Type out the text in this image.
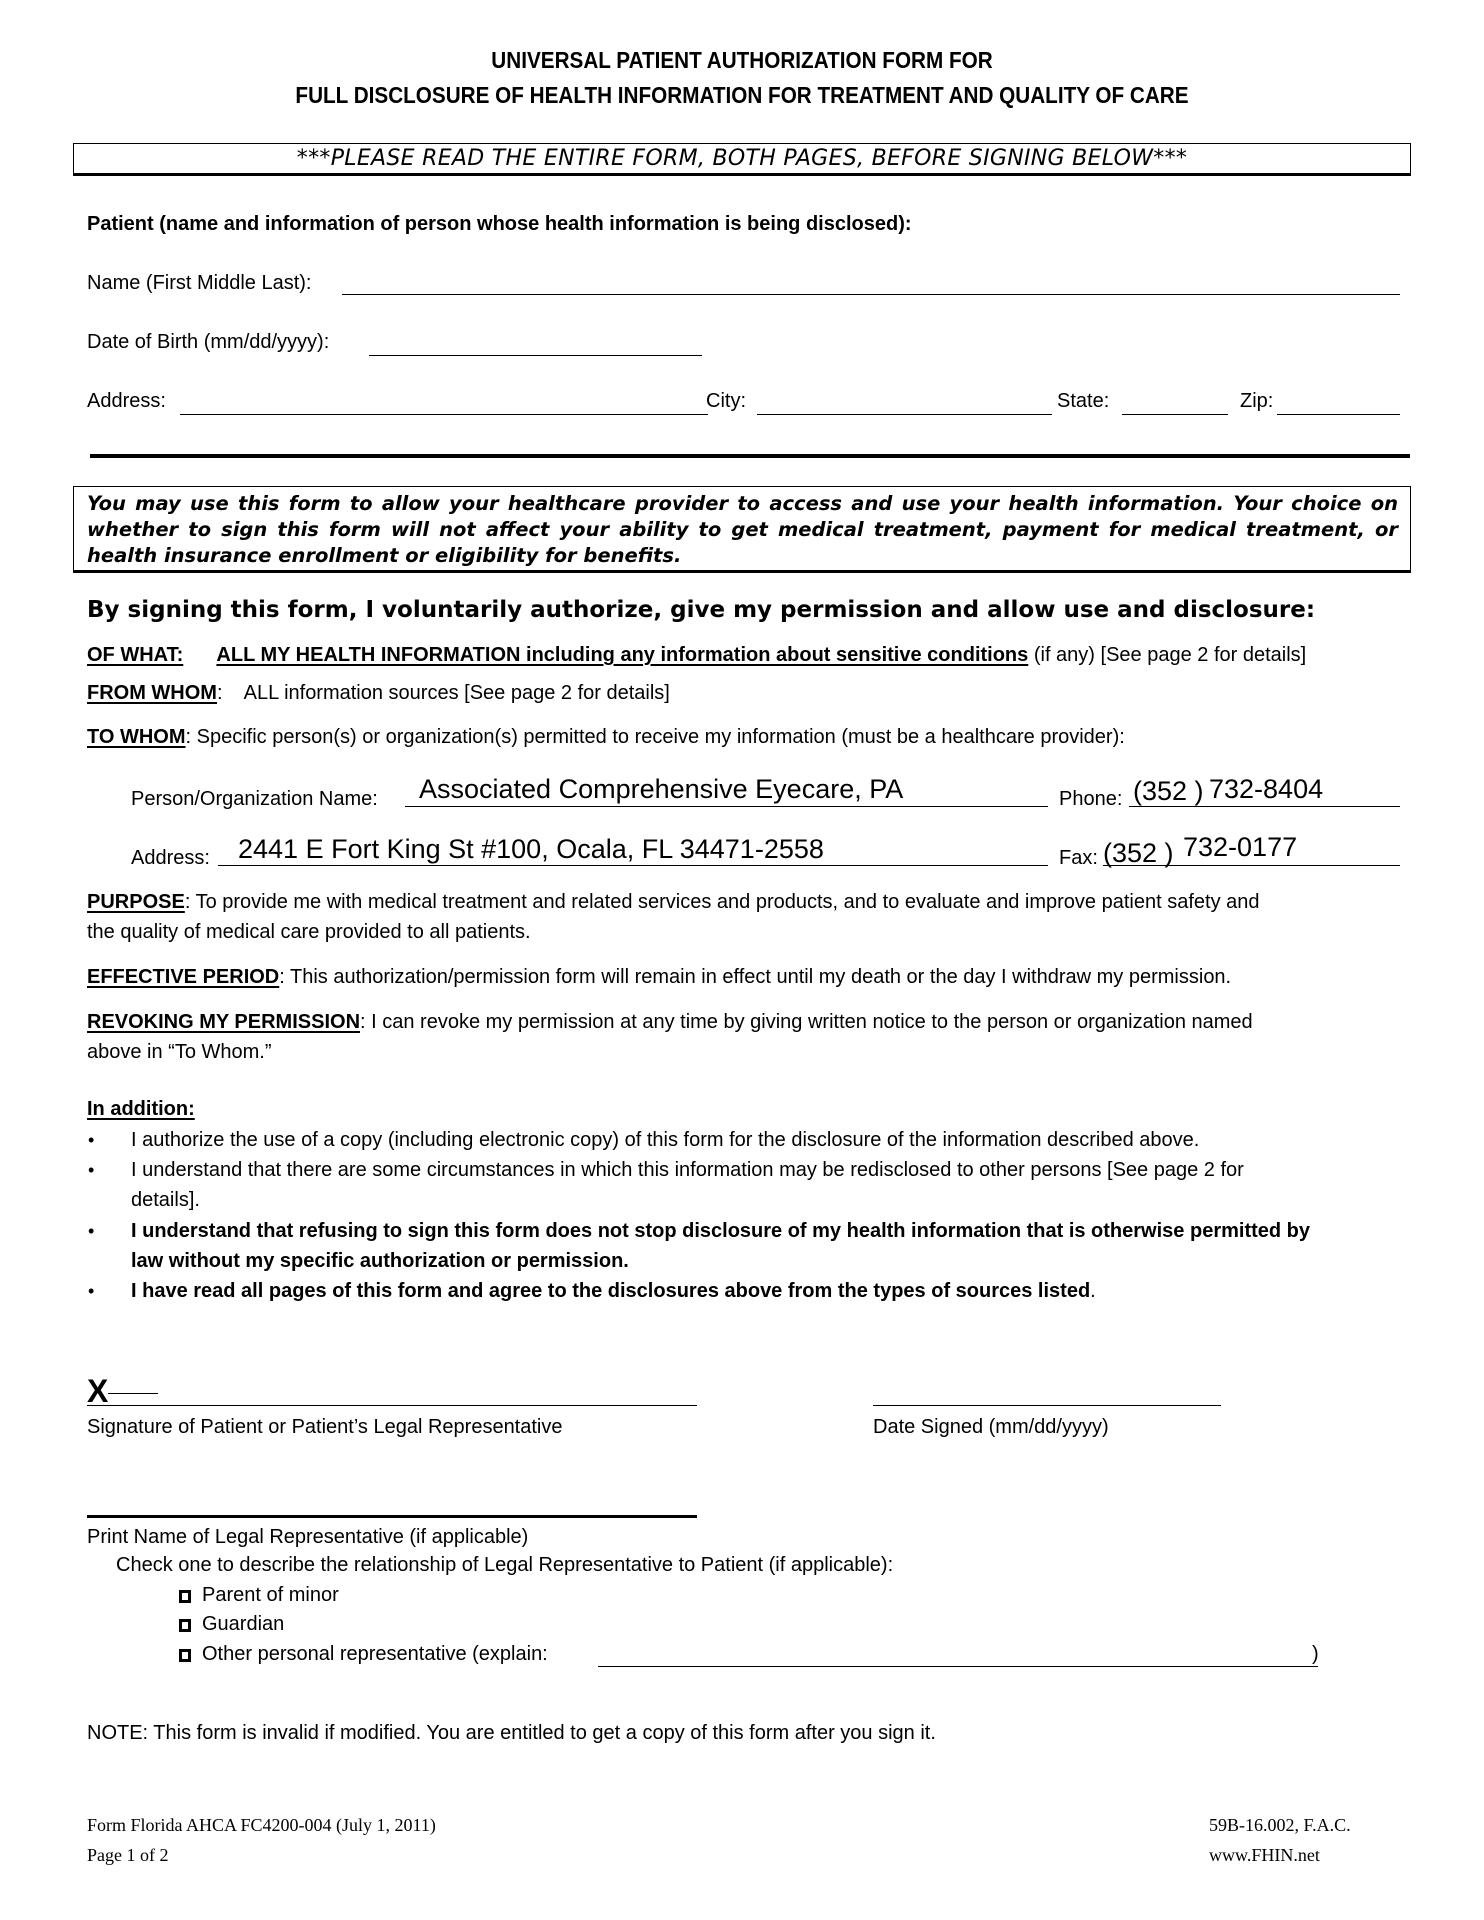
UNIVERSAL PATIENT AUTHORIZATION FORM FOR
FULL DISCLOSURE OF HEALTH INFORMATION FOR TREATMENT AND QUALITY OF CARE
***PLEASE READ THE ENTIRE FORM, BOTH PAGES, BEFORE SIGNING BELOW***
Patient (name and information of person whose health information is being disclosed):
Name (First Middle Last):
Date of Birth (mm/dd/yyyy):
Address:	City:	State:	Zip:
You may use this form to allow your healthcare provider to access and use your health information. Your choice on whether to sign this form will not affect your ability to get medical treatment, payment for medical treatment, or health insurance enrollment or eligibility for benefits.
By signing this form, I voluntarily authorize, give my permission and allow use and disclosure:
OF WHAT: ALL MY HEALTH INFORMATION including any information about sensitive conditions (if any) [See page 2 for details]
FROM WHOM:    ALL information sources [See page 2 for details]
TO WHOM: Specific person(s) or organization(s) permitted to receive my information (must be a healthcare provider):
Person/Organization Name: Associated Comprehensive Eyecare, PA	Phone: (352 ) 732-8404
Address: 2441 E Fort King St #100, Ocala, FL 34471-2558	Fax: (352 ) 732-0177
PURPOSE: To provide me with medical treatment and related services and products, and to evaluate and improve patient safety and
the quality of medical care provided to all patients.
EFFECTIVE PERIOD: This authorization/permission form will remain in effect until my death or the day I withdraw my permission.
REVOKING MY PERMISSION: I can revoke my permission at any time by giving written notice to the person or organization named
above in “To Whom.”
In addition:
• I authorize the use of a copy (including electronic copy) of this form for the disclosure of the information described above.
• I understand that there are some circumstances in which this information may be redisclosed to other persons [See page 2 for
details].
• I understand that refusing to sign this form does not stop disclosure of my health information that is otherwise permitted by
law without my specific authorization or permission.
• I have read all pages of this form and agree to the disclosures above from the types of sources listed.
X
Signature of Patient or Patient’s Legal Representative	Date Signed (mm/dd/yyyy)
Print Name of Legal Representative (if applicable)
Check one to describe the relationship of Legal Representative to Patient (if applicable):
Parent of minor
Guardian
Other personal representative (explain:	)
NOTE: This form is invalid if modified. You are entitled to get a copy of this form after you sign it.
Form Florida AHCA FC4200-004 (July 1, 2011)
Page 1 of 2
59B-16.002, F.A.C.
www.FHIN.net
